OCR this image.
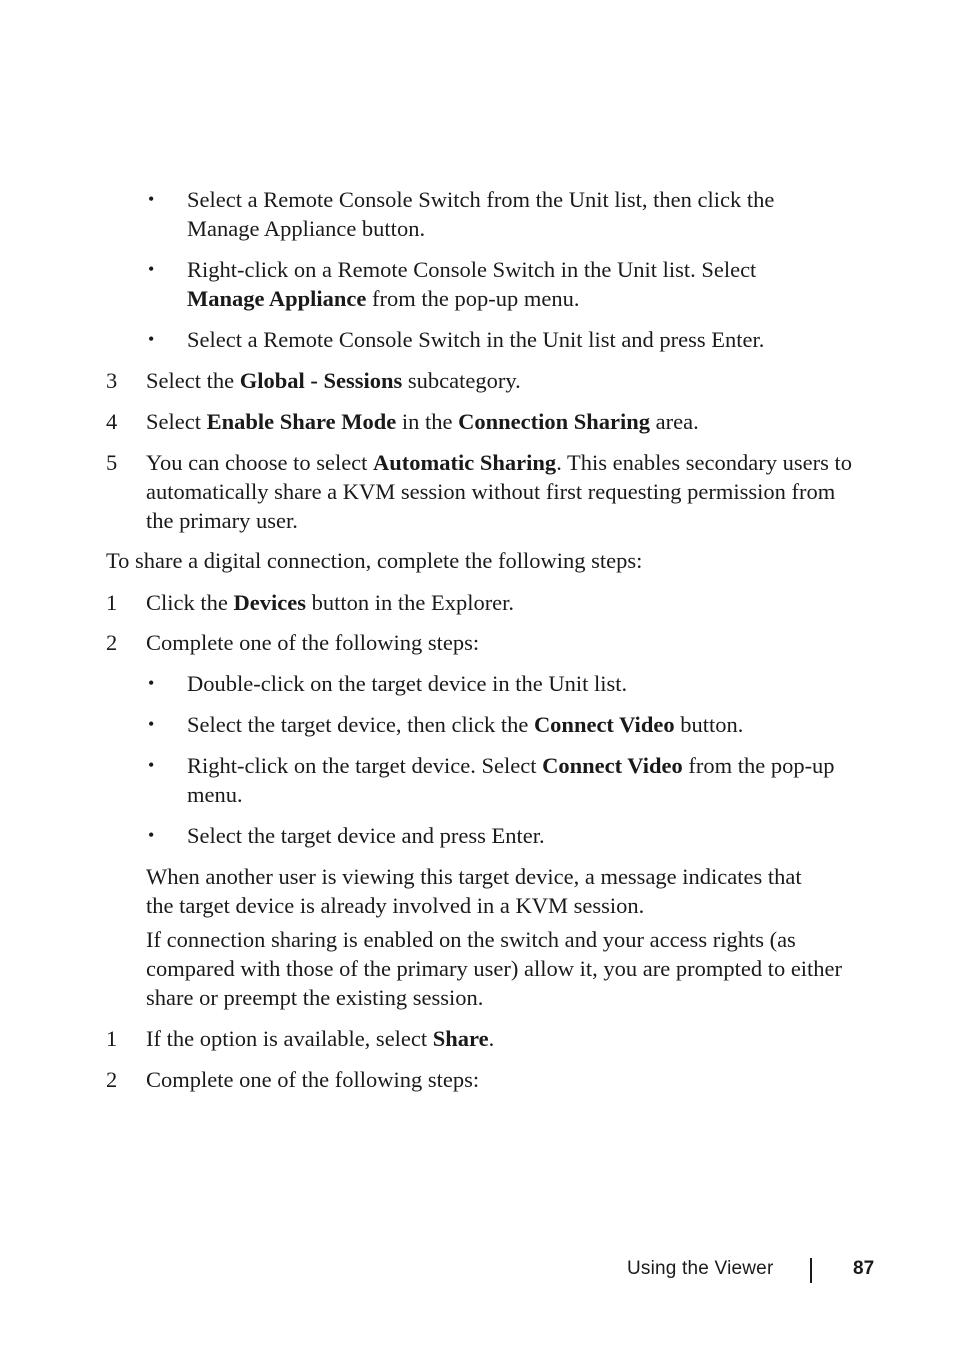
• Select a Remote Console Switch from the Unit list, then click the Manage Appliance button.
• Right-click on a Remote Console Switch in the Unit list. Select Manage Appliance from the pop-up menu.
• Select a Remote Console Switch in the Unit list and press Enter.
3 Select the Global - Sessions subcategory.
4 Select Enable Share Mode in the Connection Sharing area.
5 You can choose to select Automatic Sharing. This enables secondary users to automatically share a KVM session without first requesting permission from the primary user.
To share a digital connection, complete the following steps:
1 Click the Devices button in the Explorer.
2 Complete one of the following steps:
• Double-click on the target device in the Unit list.
• Select the target device, then click the Connect Video button.
• Right-click on the target device. Select Connect Video from the pop-up menu.
• Select the target device and press Enter.
When another user is viewing this target device, a message indicates that the target device is already involved in a KVM session.
If connection sharing is enabled on the switch and your access rights (as compared with those of the primary user) allow it, you are prompted to either share or preempt the existing session.
1 If the option is available, select Share.
2 Complete one of the following steps:
Using the Viewer	87
